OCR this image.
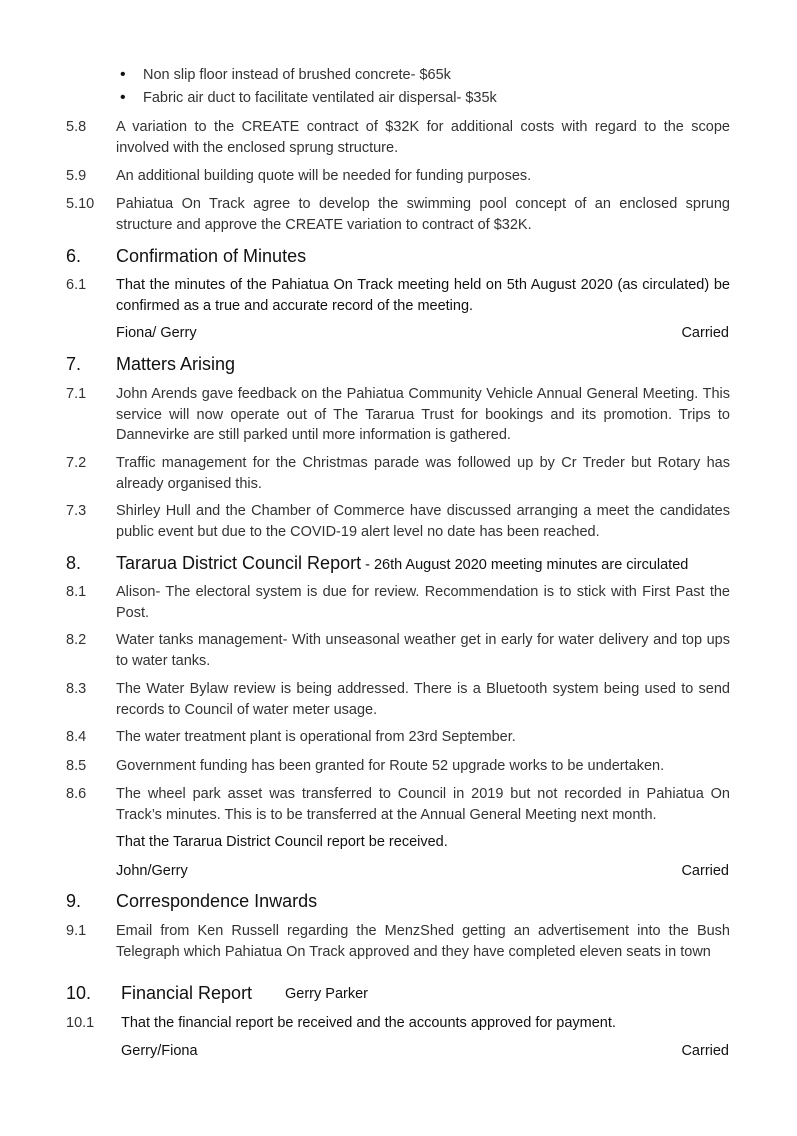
• Non slip floor instead of brushed concrete- $65k
• Fabric air duct to facilitate ventilated air dispersal- $35k
5.8 A variation to the CREATE contract of $32K for additional costs with regard to the scope involved with the enclosed sprung structure.
5.9 An additional building quote will be needed for funding purposes.
5.10 Pahiatua On Track agree to develop the swimming pool concept of an enclosed sprung structure and approve the CREATE variation to contract of $32K.
6. Confirmation of Minutes
6.1 That the minutes of the Pahiatua On Track meeting held on 5th August 2020 (as circulated) be confirmed as a true and accurate record of the meeting.
Fiona/ Gerry	Carried
7. Matters Arising
7.1 John Arends gave feedback on the Pahiatua Community Vehicle Annual General Meeting. This service will now operate out of The Tararua Trust for bookings and its promotion. Trips to Dannevirke are still parked until more information is gathered.
7.2 Traffic management for the Christmas parade was followed up by Cr Treder but Rotary has already organised this.
7.3 Shirley Hull and the Chamber of Commerce have discussed arranging a meet the candidates public event but due to the COVID-19 alert level no date has been reached.
8. Tararua District Council Report - 26th August 2020 meeting minutes are circulated
8.1 Alison- The electoral system is due for review. Recommendation is to stick with First Past the Post.
8.2 Water tanks management- With unseasonal weather get in early for water delivery and top ups to water tanks.
8.3 The Water Bylaw review is being addressed. There is a Bluetooth system being used to send records to Council of water meter usage.
8.4 The water treatment plant is operational from 23rd September.
8.5 Government funding has been granted for Route 52 upgrade works to be undertaken.
8.6 The wheel park asset was transferred to Council in 2019 but not recorded in Pahiatua On Track’s minutes. This is to be transferred at the Annual General Meeting next month.
That the Tararua District Council report be received.
John/Gerry	Carried
9. Correspondence Inwards
9.1 Email from Ken Russell regarding the MenzShed getting an advertisement into the Bush Telegraph which Pahiatua On Track approved and they have completed eleven seats in town
10. Financial Report Gerry Parker
10.1 That the financial report be received and the accounts approved for payment.
Gerry/Fiona	Carried
